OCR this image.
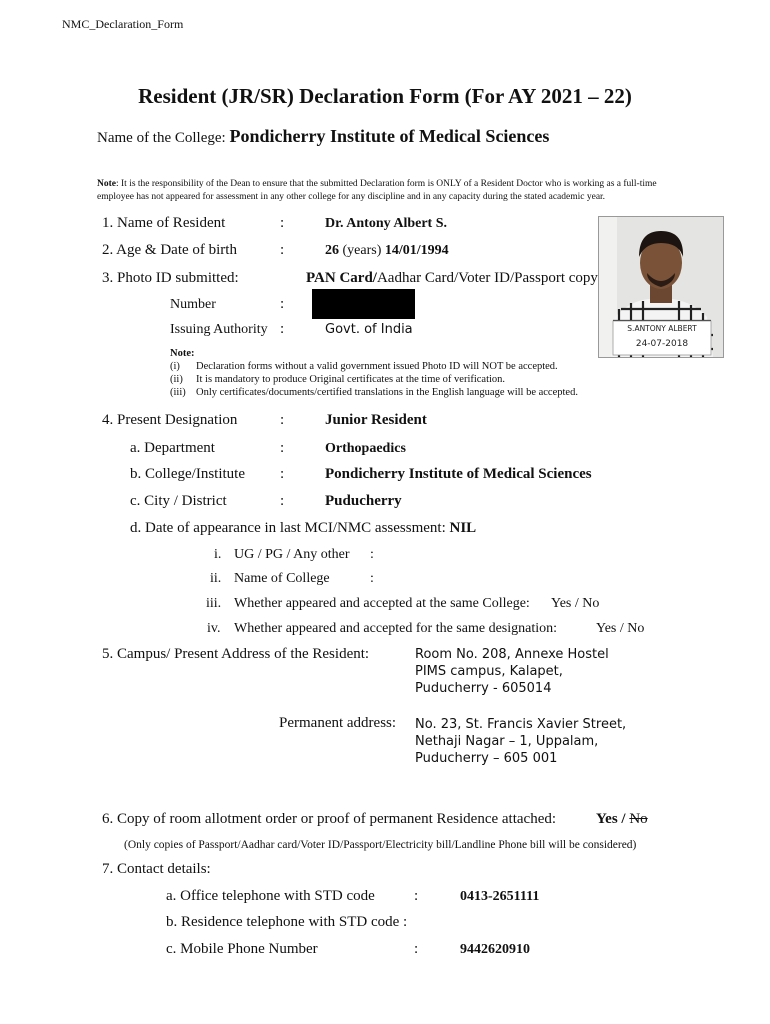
NMC_Declaration_Form
Resident (JR/SR) Declaration Form (For AY 2021 – 22)
Name of the College: Pondicherry Institute of Medical Sciences
Note: It is the responsibility of the Dean to ensure that the submitted Declaration form is ONLY of a Resident Doctor who is working as a full-time employee has not appeared for assessment in any other college for any discipline and in any capacity during the stated academic year.
1. Name of Resident	:	Dr. Antony Albert S.
2. Age & Date of birth	:	26 (years) 14/01/1994
3. Photo ID submitted:	PAN Card/Aadhar Card/Voter ID/Passport copy
Number	:
Issuing Authority :	Govt. of India	S.ANTONY ALBERT
24-07-2018
Note:
(i) Declaration forms without a valid government issued Photo ID will NOT be accepted.
(ii) It is mandatory to produce Original certificates at the time of verification.
(iii) Only certificates/documents/certified translations in the English language will be accepted.
4. Present Designation	:	Junior Resident
a. Department	:	Orthopaedics
b. College/Institute :	Pondicherry Institute of Medical Sciences
c. City / District	:	Puducherry
d. Date of appearance in last MCI/NMC assessment: NIL
i. UG / PG / Any other :
ii. Name of College	:
iii. Whether appeared and accepted at the same College: Yes / No
iv. Whether appeared and accepted for the same designation:	Yes / No
5. Campus/ Present Address of the Resident:	Room No. 208, Annexe Hostel
PIMS campus, Kalapet,
Puducherry - 605014
Permanent address: No. 23, St. Francis Xavier Street,
Nethaji Nagar – 1, Uppalam,
Puducherry – 605 001
6. Copy of room allotment order or proof of permanent Residence attached:	Yes / No
(Only copies of Passport/Aadhar card/Voter ID/Passport/Electricity bill/Landline Phone bill will be considered)
7. Contact details:
a. Office telephone with STD code	:	0413-2651111
b. Residence telephone with STD code :
c. Mobile Phone Number	:	9442620910
